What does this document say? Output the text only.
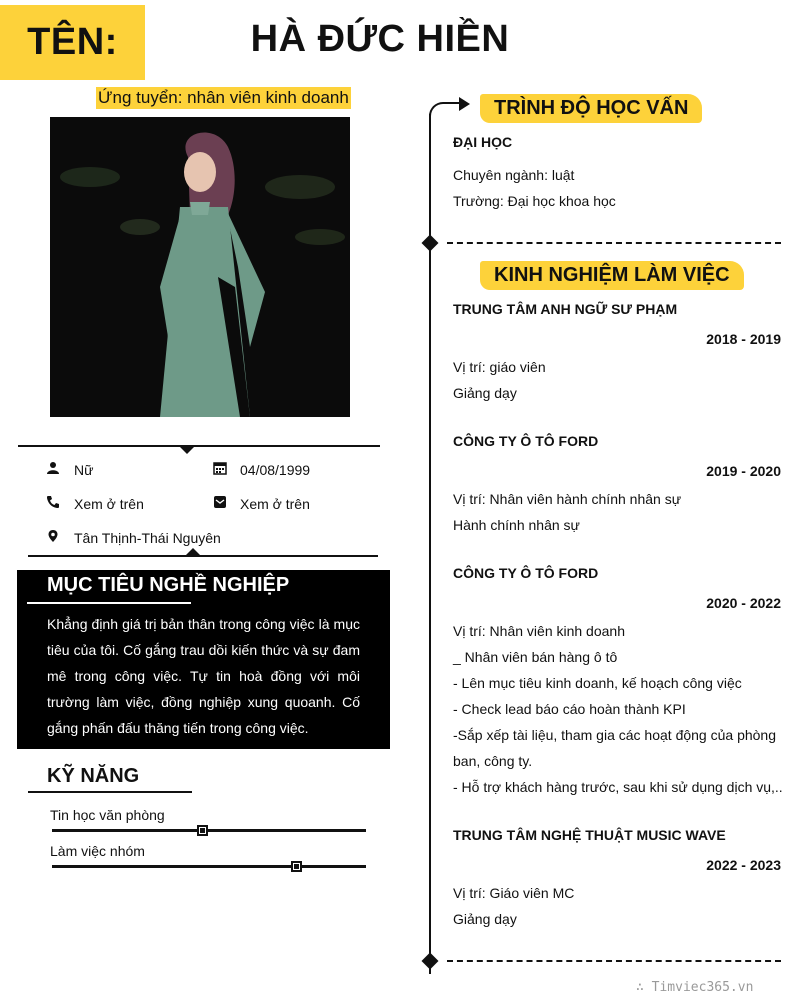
TÊN:	HÀ ĐỨC HIỀN
Ứng tuyển: nhân viên kinh doanh
Nữ	04/08/1999
Xem ở trên	Xem ở trên
Tân Thịnh-Thái Nguyên
MỤC TIÊU NGHỀ NGHIỆP

Khẳng định giá trị bản thân trong công việc là mục tiêu của tôi. Cố gắng trau dồi kiến thức và sự đam mê trong công việc. Tự tin hoà đồng với môi trường làm việc, đồng nghiệp xung quoanh. Cố gắng phấn đấu thăng tiến trong công việc.

KỸ NĂNG
Tin học văn phòng
Làm việc nhóm
TRÌNH ĐỘ HỌC VẤN
ĐẠI HỌC
Chuyên ngành: luật
Trường: Đại học khoa học
KINH NGHIỆM LÀM VIỆC
TRUNG TÂM ANH NGỮ SƯ PHẠM
2018 - 2019
Vị trí: giáo viên
Giảng dạy
CÔNG TY Ô TÔ FORD
2019 - 2020
Vị trí: Nhân viên hành chính nhân sự
Hành chính nhân sự
CÔNG TY Ô TÔ FORD
2020 - 2022
Vị trí: Nhân viên kinh doanh
_ Nhân viên bán hàng ô tô
- Lên mục tiêu kinh doanh, kế hoạch công việc
- Check lead báo cáo hoàn thành KPI
-Sắp xếp tài liệu, tham gia các hoạt động của phòng ban, công ty.
- Hỗ trợ khách hàng trước, sau khi sử dụng dịch vụ,..
TRUNG TÂM NGHỆ THUẬT MUSIC WAVE
2022 - 2023
Vị trí: Giáo viên MC
Giảng dạy
∴ Timviec365.vn
